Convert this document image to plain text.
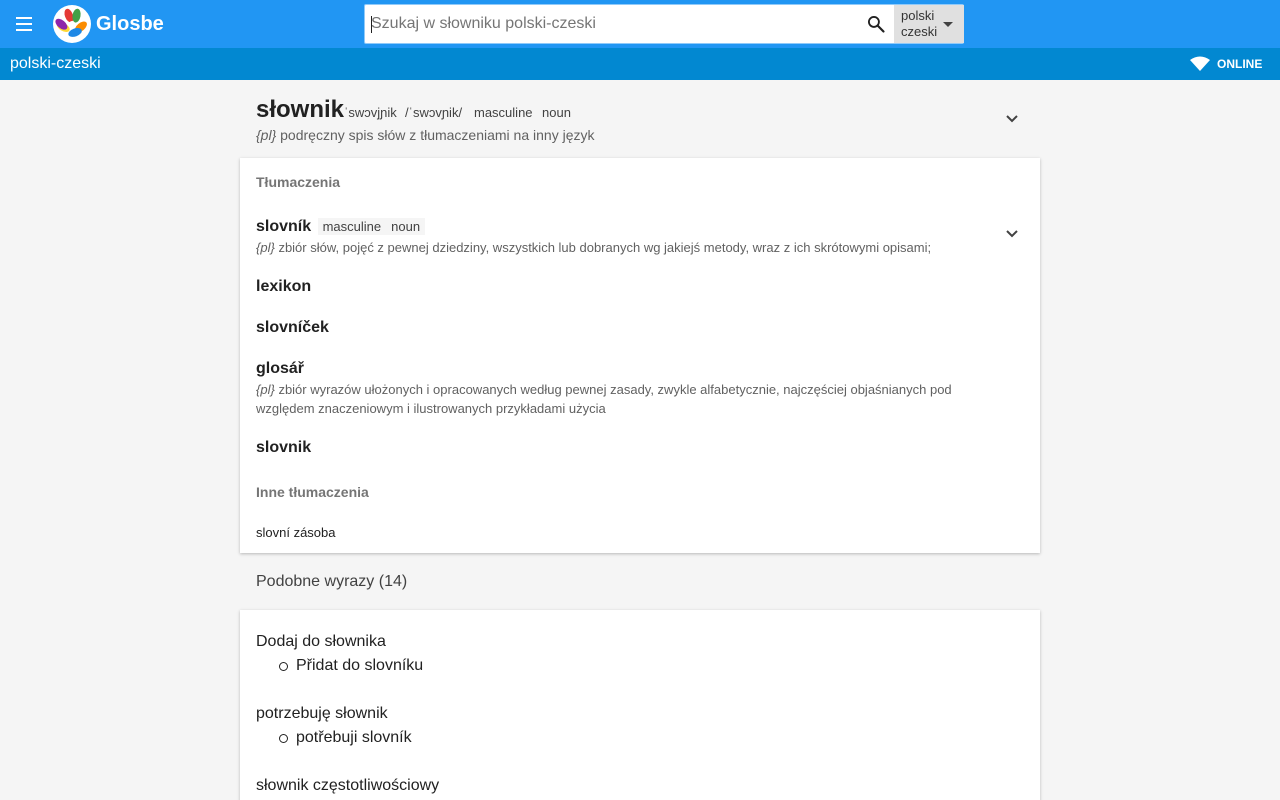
Glosbe
Szukaj w słowniku polski-czeski	polski
czeski
polski-czeski	ONLINE
słownik ˈswɔvjɲik /ˈswɔvɲik/ masculine noun
{pl} podręczny spis słów z tłumaczeniami na inny język
Tłumaczenia
slovník masculine noun
{pl} zbiór słów, pojęć z pewnej dziedziny, wszystkich lub dobranych wg jakiejś metody, wraz z ich skrótowymi opisami;
lexikon
slovníček
glosář
{pl} zbiór wyrazów ułożonych i opracowanych według pewnej zasady, zwykle alfabetycznie, najczęściej objaśnianych pod względem znaczeniowym i ilustrowanych przykładami użycia
slovnik
Inne tłumaczenia
slovní zásoba
Podobne wyrazy (14)
Dodaj do słownika
Přidat do slovníku
potrzebuję słownik
potřebuji slovník
słownik częstotliwościowy
